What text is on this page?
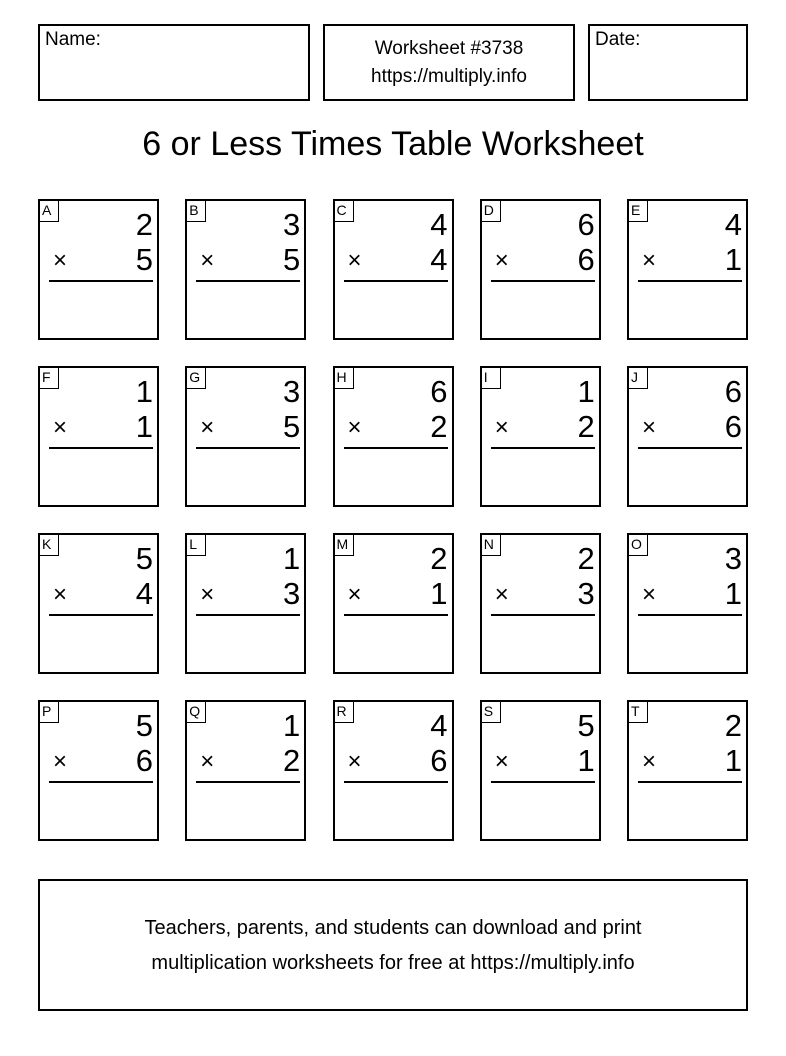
Name:	Worksheet #3738
https://multiply.info
Date:
6 or Less Times Table Worksheet
A	2
× 5
B	3
× 5
C	4
× 4
D	6
× 6
E	4
× 1
F	1
× 1
G	3
× 5
H	6
× 2
I	1
× 2
J	6
× 6
K	5
× 4
L	1
× 3
M	2
× 1
N	2
× 3
O	3
× 1
P	5
× 6
Q	1
× 2
R	4
× 6
S	5
× 1
T	2
× 1
Teachers, parents, and students can download and print
multiplication worksheets for free at https://multiply.info
